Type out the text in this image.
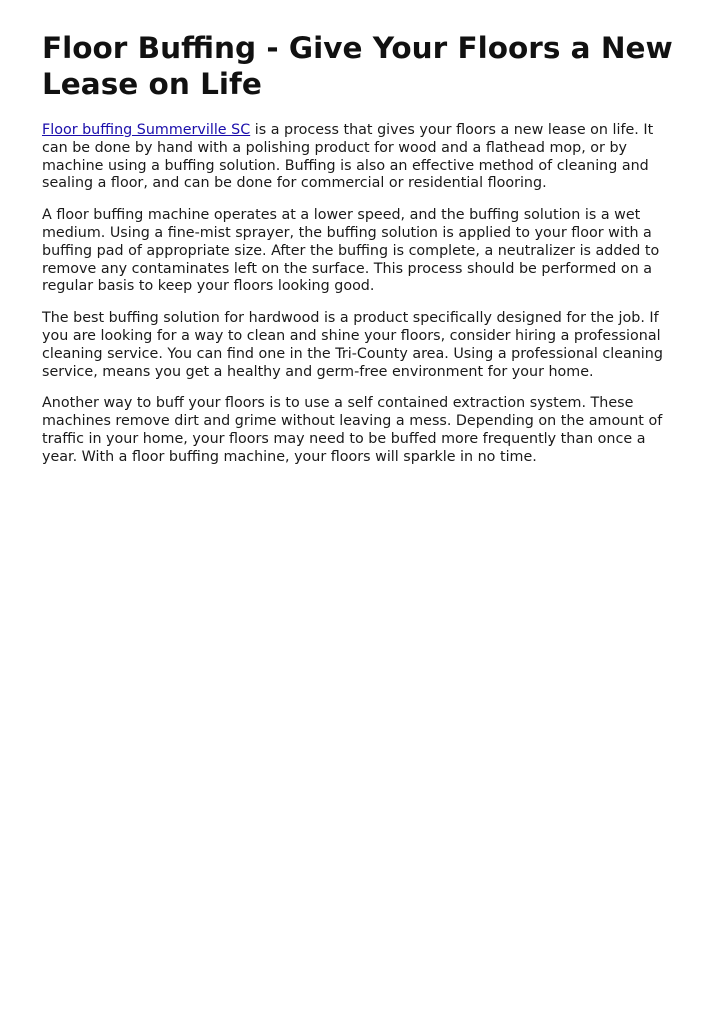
Floor Buffing - Give Your Floors a New Lease on Life

Floor buffing Summerville SC is a process that gives your floors a new lease on life. It can be done by hand with a polishing product for wood and a flathead mop, or by machine using a buffing solution. Buffing is also an effective method of cleaning and sealing a floor, and can be done for commercial or residential flooring.

A floor buffing machine operates at a lower speed, and the buffing solution is a wet medium. Using a fine-mist sprayer, the buffing solution is applied to your floor with a buffing pad of appropriate size. After the buffing is complete, a neutralizer is added to remove any contaminates left on the surface. This process should be performed on a regular basis to keep your floors looking good.

The best buffing solution for hardwood is a product specifically designed for the job. If you are looking for a way to clean and shine your floors, consider hiring a professional cleaning service. You can find one in the Tri-County area. Using a professional cleaning service, means you get a healthy and germ-free environment for your home.

Another way to buff your floors is to use a self contained extraction system. These machines remove dirt and grime without leaving a mess. Depending on the amount of traffic in your home, your floors may need to be buffed more frequently than once a year. With a floor buffing machine, your floors will sparkle in no time.
